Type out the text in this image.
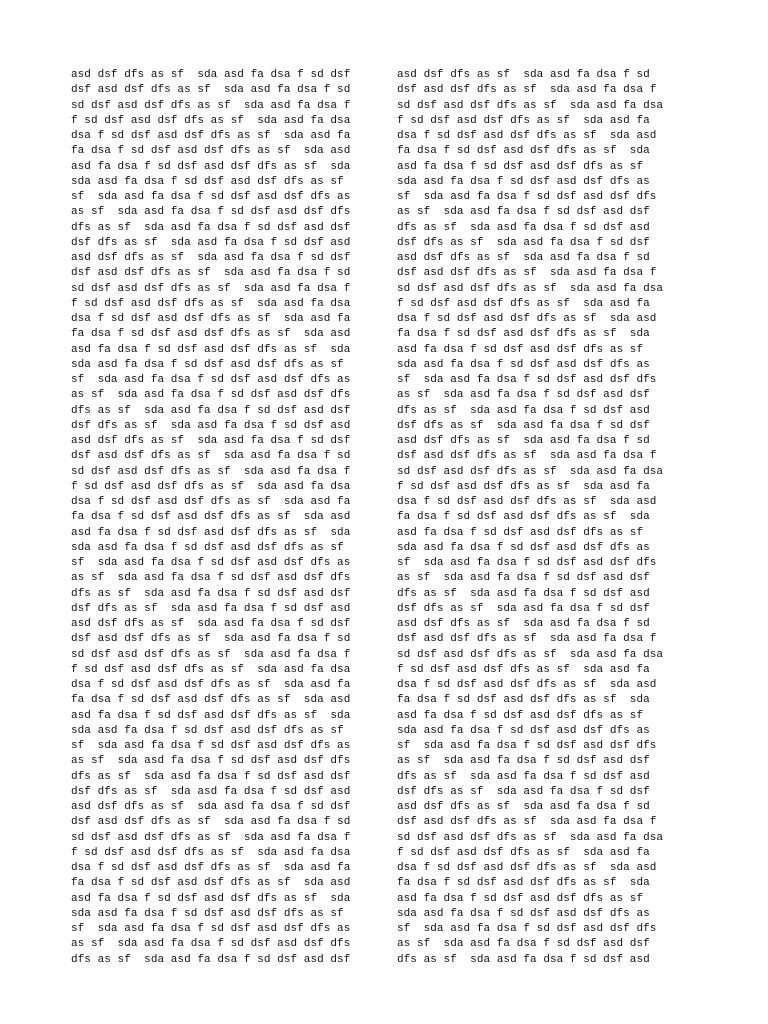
asd dsf dfs as sf  sda asd fa dsa f sd dsf
dsf asd dsf dfs as sf  sda asd fa dsa f sd
sd dsf asd dsf dfs as sf  sda asd fa dsa f
f sd dsf asd dsf dfs as sf  sda asd fa dsa
dsa f sd dsf asd dsf dfs as sf  sda asd fa
fa dsa f sd dsf asd dsf dfs as sf  sda asd
asd fa dsa f sd dsf asd dsf dfs as sf  sda
sda asd fa dsa f sd dsf asd dsf dfs as sf
sf  sda asd fa dsa f sd dsf asd dsf dfs as
as sf  sda asd fa dsa f sd dsf asd dsf dfs
dfs as sf  sda asd fa dsa f sd dsf asd dsf
dsf dfs as sf  sda asd fa dsa f sd dsf asd
asd dsf dfs as sf  sda asd fa dsa f sd dsf
dsf asd dsf dfs as sf  sda asd fa dsa f sd
sd dsf asd dsf dfs as sf  sda asd fa dsa f
f sd dsf asd dsf dfs as sf  sda asd fa dsa
dsa f sd dsf asd dsf dfs as sf  sda asd fa
fa dsa f sd dsf asd dsf dfs as sf  sda asd
asd fa dsa f sd dsf asd dsf dfs as sf  sda
sda asd fa dsa f sd dsf asd dsf dfs as sf
sf  sda asd fa dsa f sd dsf asd dsf dfs as
as sf  sda asd fa dsa f sd dsf asd dsf dfs
dfs as sf  sda asd fa dsa f sd dsf asd dsf
dsf dfs as sf  sda asd fa dsa f sd dsf asd
asd dsf dfs as sf  sda asd fa dsa f sd dsf
dsf asd dsf dfs as sf  sda asd fa dsa f sd
sd dsf asd dsf dfs as sf  sda asd fa dsa f
f sd dsf asd dsf dfs as sf  sda asd fa dsa
dsa f sd dsf asd dsf dfs as sf  sda asd fa
fa dsa f sd dsf asd dsf dfs as sf  sda asd
asd fa dsa f sd dsf asd dsf dfs as sf  sda
sda asd fa dsa f sd dsf asd dsf dfs as sf
sf  sda asd fa dsa f sd dsf asd dsf dfs as
as sf  sda asd fa dsa f sd dsf asd dsf dfs
dfs as sf  sda asd fa dsa f sd dsf asd dsf
dsf dfs as sf  sda asd fa dsa f sd dsf asd
asd dsf dfs as sf  sda asd fa dsa f sd dsf
dsf asd dsf dfs as sf  sda asd fa dsa f sd
sd dsf asd dsf dfs as sf  sda asd fa dsa f
f sd dsf asd dsf dfs as sf  sda asd fa dsa
dsa f sd dsf asd dsf dfs as sf  sda asd fa
fa dsa f sd dsf asd dsf dfs as sf  sda asd
asd fa dsa f sd dsf asd dsf dfs as sf  sda
sda asd fa dsa f sd dsf asd dsf dfs as sf
sf  sda asd fa dsa f sd dsf asd dsf dfs as
as sf  sda asd fa dsa f sd dsf asd dsf dfs
dfs as sf  sda asd fa dsa f sd dsf asd dsf
dsf dfs as sf  sda asd fa dsa f sd dsf asd
asd dsf dfs as sf  sda asd fa dsa f sd dsf
dsf asd dsf dfs as sf  sda asd fa dsa f sd
sd dsf asd dsf dfs as sf  sda asd fa dsa f
f sd dsf asd dsf dfs as sf  sda asd fa dsa
dsa f sd dsf asd dsf dfs as sf  sda asd fa
fa dsa f sd dsf asd dsf dfs as sf  sda asd
asd fa dsa f sd dsf asd dsf dfs as sf  sda
sda asd fa dsa f sd dsf asd dsf dfs as sf
sf  sda asd fa dsa f sd dsf asd dsf dfs as
as sf  sda asd fa dsa f sd dsf asd dsf dfs
dfs as sf  sda asd fa dsa f sd dsf asd dsf
asd dsf dfs as sf  sda asd fa dsa f sd
dsf asd dsf dfs as sf  sda asd fa dsa f
sd dsf asd dsf dfs as sf  sda asd fa dsa
f sd dsf asd dsf dfs as sf  sda asd fa
dsa f sd dsf asd dsf dfs as sf  sda asd
fa dsa f sd dsf asd dsf dfs as sf  sda
asd fa dsa f sd dsf asd dsf dfs as sf
sda asd fa dsa f sd dsf asd dsf dfs as
sf  sda asd fa dsa f sd dsf asd dsf dfs
as sf  sda asd fa dsa f sd dsf asd dsf
dfs as sf  sda asd fa dsa f sd dsf asd
dsf dfs as sf  sda asd fa dsa f sd dsf
asd dsf dfs as sf  sda asd fa dsa f sd
dsf asd dsf dfs as sf  sda asd fa dsa f
sd dsf asd dsf dfs as sf  sda asd fa dsa
f sd dsf asd dsf dfs as sf  sda asd fa
dsa f sd dsf asd dsf dfs as sf  sda asd
fa dsa f sd dsf asd dsf dfs as sf  sda
asd fa dsa f sd dsf asd dsf dfs as sf
sda asd fa dsa f sd dsf asd dsf dfs as
sf  sda asd fa dsa f sd dsf asd dsf dfs
as sf  sda asd fa dsa f sd dsf asd dsf
dfs as sf  sda asd fa dsa f sd dsf asd
dsf dfs as sf  sda asd fa dsa f sd dsf
asd dsf dfs as sf  sda asd fa dsa f sd
dsf asd dsf dfs as sf  sda asd fa dsa f
sd dsf asd dsf dfs as sf  sda asd fa dsa
f sd dsf asd dsf dfs as sf  sda asd fa
dsa f sd dsf asd dsf dfs as sf  sda asd
fa dsa f sd dsf asd dsf dfs as sf  sda
asd fa dsa f sd dsf asd dsf dfs as sf
sda asd fa dsa f sd dsf asd dsf dfs as
sf  sda asd fa dsa f sd dsf asd dsf dfs
as sf  sda asd fa dsa f sd dsf asd dsf
dfs as sf  sda asd fa dsa f sd dsf asd
dsf dfs as sf  sda asd fa dsa f sd dsf
asd dsf dfs as sf  sda asd fa dsa f sd
dsf asd dsf dfs as sf  sda asd fa dsa f
sd dsf asd dsf dfs as sf  sda asd fa dsa
f sd dsf asd dsf dfs as sf  sda asd fa
dsa f sd dsf asd dsf dfs as sf  sda asd
fa dsa f sd dsf asd dsf dfs as sf  sda
asd fa dsa f sd dsf asd dsf dfs as sf
sda asd fa dsa f sd dsf asd dsf dfs as
sf  sda asd fa dsa f sd dsf asd dsf dfs
as sf  sda asd fa dsa f sd dsf asd dsf
dfs as sf  sda asd fa dsa f sd dsf asd
dsf dfs as sf  sda asd fa dsa f sd dsf
asd dsf dfs as sf  sda asd fa dsa f sd
dsf asd dsf dfs as sf  sda asd fa dsa f
sd dsf asd dsf dfs as sf  sda asd fa dsa
f sd dsf asd dsf dfs as sf  sda asd fa
dsa f sd dsf asd dsf dfs as sf  sda asd
fa dsa f sd dsf asd dsf dfs as sf  sda
asd fa dsa f sd dsf asd dsf dfs as sf
sda asd fa dsa f sd dsf asd dsf dfs as
sf  sda asd fa dsa f sd dsf asd dsf dfs
as sf  sda asd fa dsa f sd dsf asd dsf
dfs as sf  sda asd fa dsa f sd dsf asd
